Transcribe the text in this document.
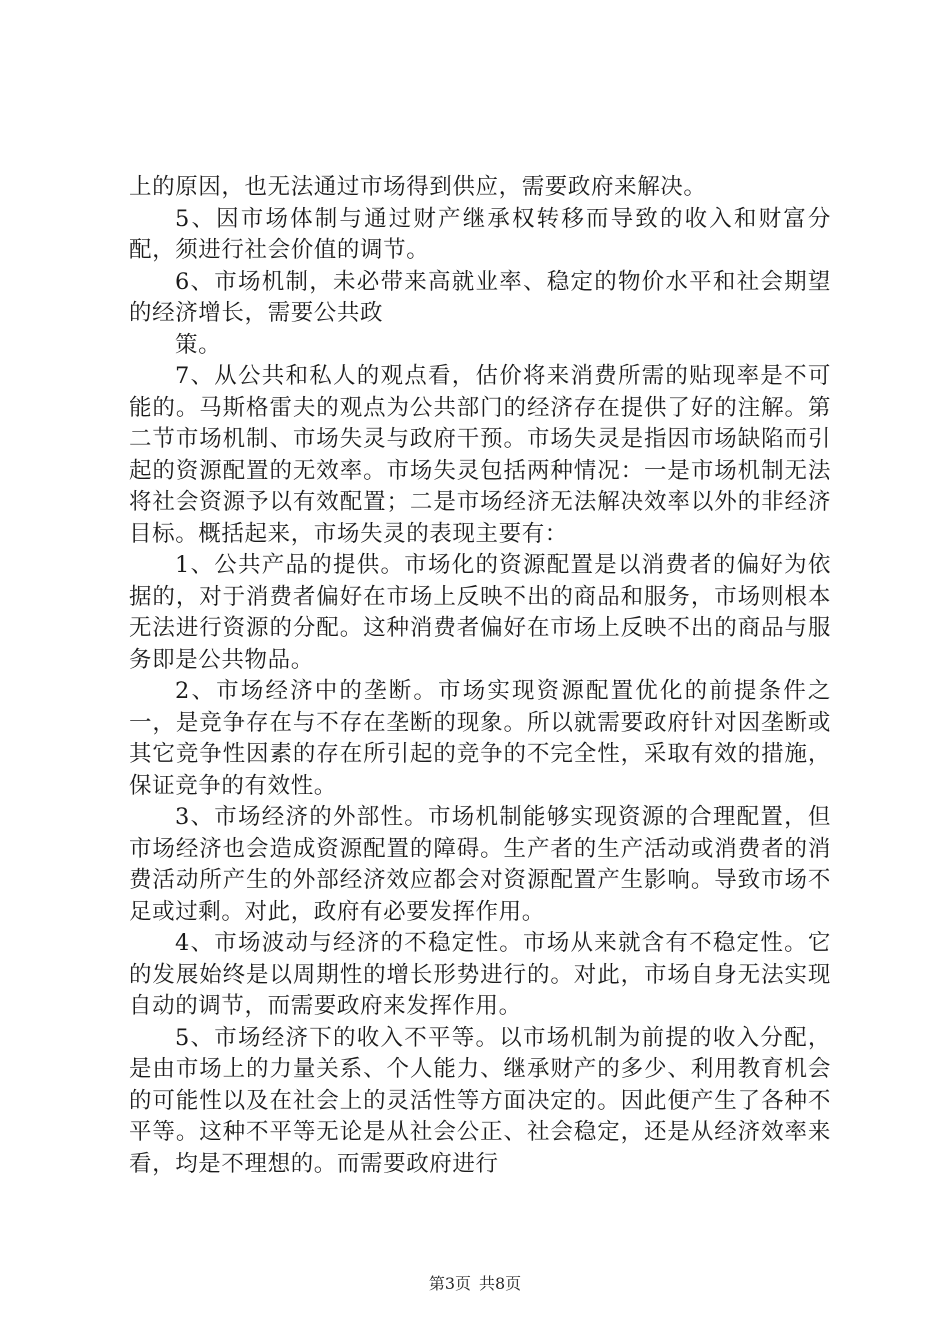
上的原因，也无法通过市场得到供应，需要政府来解决。

5、因市场体制与通过财产继承权转移而导致的收入和财富分配，须进行社会价值的调节。

6、市场机制，未必带来高就业率、稳定的物价水平和社会期望的经济增长，需要公共政

策。

7、从公共和私人的观点看，估价将来消费所需的贴现率是不可能的。马斯格雷夫的观点为公共部门的经济存在提供了好的注解。第二节市场机制、市场失灵与政府干预。市场失灵是指因市场缺陷而引起的资源配置的无效率。市场失灵包括两种情况：一是市场机制无法将社会资源予以有效配置；二是市场经济无法解决效率以外的非经济目标。概括起来，市场失灵的表现主要有：

1、公共产品的提供。市场化的资源配置是以消费者的偏好为依据的，对于消费者偏好在市场上反映不出的商品和服务，市场则根本无法进行资源的分配。这种消费者偏好在市场上反映不出的商品与服务即是公共物品。

2、市场经济中的垄断。市场实现资源配置优化的前提条件之一，是竞争存在与不存在垄断的现象。所以就需要政府针对因垄断或其它竞争性因素的存在所引起的竞争的不完全性，采取有效的措施，保证竞争的有效性。

3、市场经济的外部性。市场机制能够实现资源的合理配置，但市场经济也会造成资源配置的障碍。生产者的生产活动或消费者的消费活动所产生的外部经济效应都会对资源配置产生影响。导致市场不足或过剩。对此，政府有必要发挥作用。

4、市场波动与经济的不稳定性。市场从来就含有不稳定性。它的发展始终是以周期性的增长形势进行的。对此，市场自身无法实现自动的调节，而需要政府来发挥作用。

5、市场经济下的收入不平等。以市场机制为前提的收入分配，是由市场上的力量关系、个人能力、继承财产的多少、利用教育机会的可能性以及在社会上的灵活性等方面决定的。因此便产生了各种不平等。这种不平等无论是从社会公正、社会稳定，还是从经济效率来看，均是不理想的。而需要政府进行

第3页 共8页
